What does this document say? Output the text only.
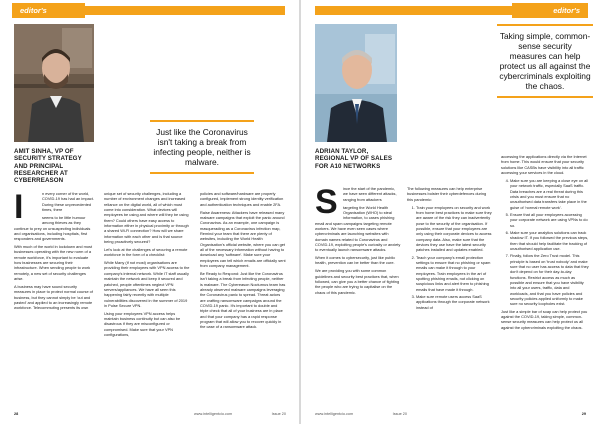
editor's
AMIT SINHA, VP OF SECURITY STRATEGY AND PRINCIPAL RESEARCHER AT CYBERREASON
I	n every corner of the world, COVID-19 has had an impact. During these unprecedented times, there

seems to be little humour among thieves as they continue to prey on unsuspecting individuals and organisations, including hospitals, first responders and governments.

With much of the world in lockdown and most businesses operating with the new norm of a remote workforce, it's important to evaluate how businesses are securing their infrastructure. When sending people to work remotely, a new set of security challenges arise.

A business may have sound security measures in place to protect normal course of business, but they cannot simply be 'cut and pasted' and applied to an increasingly remote workforce. Telecommuting presents its own

unique set of security challenges, including a number of environment changes and increased reliance on the digital world, all of which must come into consideration. What devices will employees be using and where will they be using them? Could others have easy access to information either in physical proximity or through a shared Wi-Fi connection? How will we share information with each other and is that source being proactively secured?

Let's look at the challenges of securing a remote workforce in the form of a checklist:

While Many (if not most) organisations are providing their employees with VPN access to the company's internal network. While IT staff usually maintain the network and keep it secured and patched, people oftentimes neglect VPN servers/appliances. We have all seen this happening fairly recently with multiple vulnerabilities discovered in the summer of 2019 in Pulse Secure VPN.

Using your employees VPN access helps maintain business continuity but can also be disastrous if they are misconfigured or compromised. Make sure that your VPN configurations,

Just like the Coronavirus isn't taking a break from infecting people, neither is malware.

policies and software/hardware are properly configured, implement strong identity verification and authentication techniques and enable 2FA.

Raise Awareness: Attackers have released many malware campaigns that exploit the panic around Coronavirus. As an example, one campaign is masquerading as a Coronavirus infection map, Remind your team that there are plenty of websites, including the World Health Organisation's official website, where you can get all of the necessary information without having to download any 'software'. Make sure your employees can tell which emails are officially sent from company management.

Be Ready to Respond: Just like the Coronavirus isn't taking a break from infecting people, neither is malware. The Cybereason Nocturnus team has already observed malware campaigns leveraging the Coronavirus panic to spread. Threat actors are crafting ransomware campaigns around the COVID-19 panic. It's important to double and triple check that all of your business are in place and that your company has a rapid response program that will allow you to recover quickly in the case of a ransomware attack.

28	www.intelligentcio.com	Issue 20
editor's question
ADRIAN TAYLOR, REGIONAL VP OF SALES FOR A10 NETWORKS
S	ince the start of the pandemic, we have seen different attacks, ranging from attackers

targeting the World Health Organisation (WHO) to steal information, to cases phishing email and spam campaigns targeting remote workers. We have even seen cases where cybercriminals are launching websites with domain names related to Coronavirus and COVID-19, exploiting people's curiosity or anxiety to eventually launch ransomware attacks.

When it comes to cybersecurity, just like public health, prevention can be better than the cure.

We are providing you with some common guidelines and security best practices that, when followed, can give you a better chance of fighting the people who are trying to capitalise on the chaos of this pandemic.

The following measures can help enterprise businesses bolster their cyberdefences during this pandemic:

1. Train your employees on security and work from home best practices to make sure they are aware of the risk they can inadvertently pose to the security of the organisation. If possible, ensure that your employees are only using their corporate devices to access company data. Also, make sure that the devices they use have the latest security patches installed and updates enabled.
2. Teach your company's email protection settings to ensure that no phishing or spam emails can make it through to your employees. Train employees in the art of spotting phishing emails, not clicking on suspicious links and alert them to phishing emails that have made it through.
3. Make sure remote users access SaaS applications through the corporate network instead of
Taking simple, common-sense security measures can help protect us all against the cybercriminals exploiting the chaos.

accessing the applications directly via the Internet from home. This would ensure that your security solutions like CASBs have visibility into all traffic accessing your services in the cloud.

4. Make sure you are keeping a close eye on all your network traffic, especially SaaS traffic. Data breaches are a real threat during this crisis and you must ensure that no unauthorised data transfers take place in the guise of 'normal remote work'.
5. Ensure that all your employees accessing your corporate network are using VPNs to do so.
6. Make sure your analytics solutions can track shadow IT. If you followed the previous steps, then that should help facilitate the tracking of unauthorised application use.
7. Finally, follow the Zero Trust model. This principle is based on 'trust nobody' and make sure that no user has access to data that they don't depend on for their day-to-day functions. Restrict access as much as possible and ensure that you have visibility into all your users, traffic, data and workloads, and that you have policies and security policies applied uniformly to make sure no security loopholes exist.

Just like a simple bar of soap can help protect you against the COVID-19, taking simple, common-sense security measures can help protect us all against the cybercriminals exploiting the chaos.

www.intelligentcio.com	Issue 20	29
